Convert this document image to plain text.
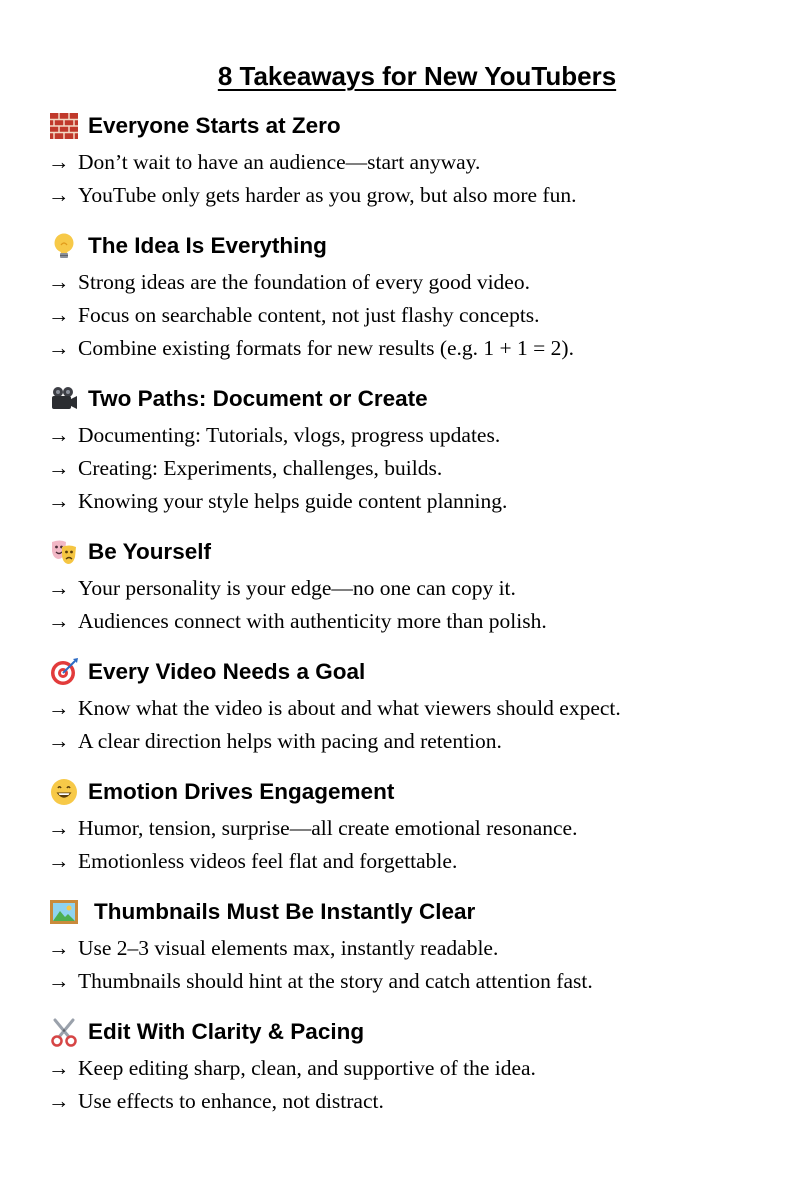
8 Takeaways for New YouTubers
Everyone Starts at Zero
→ Don’t wait to have an audience—start anyway.
→ YouTube only gets harder as you grow, but also more fun.
The Idea Is Everything
→ Strong ideas are the foundation of every good video.
→ Focus on searchable content, not just flashy concepts.
→ Combine existing formats for new results (e.g. 1 + 1 = 2).
Two Paths: Document or Create
→ Documenting: Tutorials, vlogs, progress updates.
→ Creating: Experiments, challenges, builds.
→ Knowing your style helps guide content planning.
Be Yourself
→ Your personality is your edge—no one can copy it.
→ Audiences connect with authenticity more than polish.
Every Video Needs a Goal
→ Know what the video is about and what viewers should expect.
→ A clear direction helps with pacing and retention.
Emotion Drives Engagement
→ Humor, tension, surprise—all create emotional resonance.
→ Emotionless videos feel flat and forgettable.
Thumbnails Must Be Instantly Clear
→ Use 2–3 visual elements max, instantly readable.
→ Thumbnails should hint at the story and catch attention fast.
Edit With Clarity & Pacing
→ Keep editing sharp, clean, and supportive of the idea.
→ Use effects to enhance, not distract.
